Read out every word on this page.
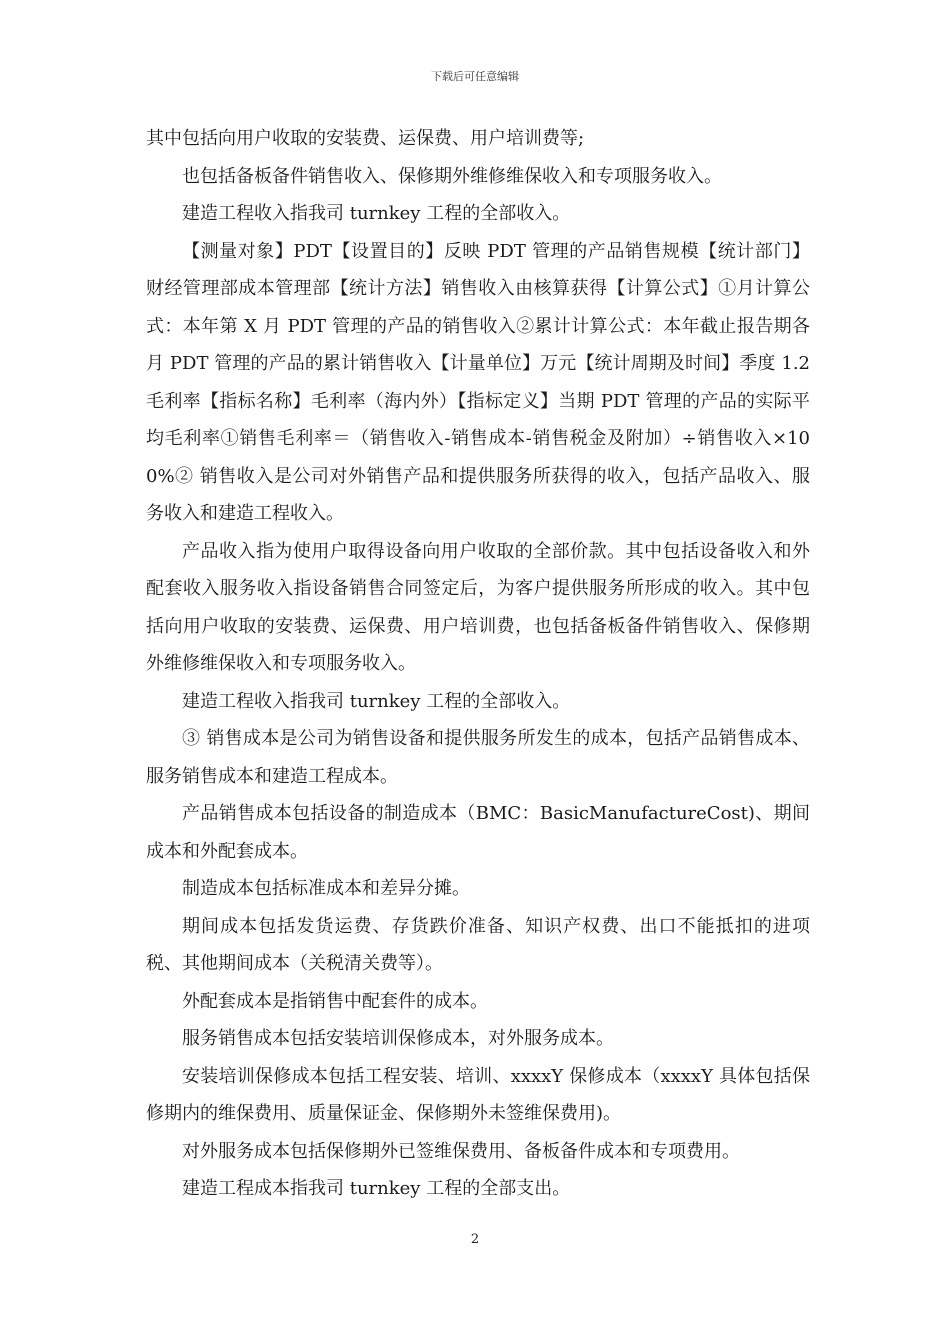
下载后可任意编辑

其中包括向用户收取的安装费、运保费、用户培训费等;

也包括备板备件销售收入、保修期外维修维保收入和专项服务收入。

建造工程收入指我司 turnkey 工程的全部收入。

【测量对象】PDT【设置目的】反映 PDT 管理的产品销售规模【统计部门】财经管理部成本管理部【统计方法】销售收入由核算获得【计算公式】①月计算公式：本年第 X 月 PDT 管理的产品的销售收入②累计计算公式：本年截止报告期各月 PDT 管理的产品的累计销售收入【计量单位】万元【统计周期及时间】季度 1.2 毛利率【指标名称】毛利率（海内外）【指标定义】当期 PDT 管理的产品的实际平均毛利率①销售毛利率＝（销售收入-销售成本-销售税金及附加）÷销售收入×100%② 销售收入是公司对外销售产品和提供服务所获得的收入，包括产品收入、服务收入和建造工程收入。

产品收入指为使用户取得设备向用户收取的全部价款。其中包括设备收入和外配套收入服务收入指设备销售合同签定后，为客户提供服务所形成的收入。其中包括向用户收取的安装费、运保费、用户培训费，也包括备板备件销售收入、保修期外维修维保收入和专项服务收入。

建造工程收入指我司 turnkey 工程的全部收入。

③ 销售成本是公司为销售设备和提供服务所发生的成本，包括产品销售成本、服务销售成本和建造工程成本。

产品销售成本包括设备的制造成本（BMC：BasicManufactureCost)、期间成本和外配套成本。

制造成本包括标准成本和差异分摊。

期间成本包括发货运费、存货跌价准备、知识产权费、出口不能抵扣的进项税、其他期间成本（关税清关费等）。

外配套成本是指销售中配套件的成本。

服务销售成本包括安装培训保修成本，对外服务成本。

安装培训保修成本包括工程安装、培训、xxxxY 保修成本（xxxxY 具体包括保修期内的维保费用、质量保证金、保修期外未签维保费用)。

对外服务成本包括保修期外已签维保费用、备板备件成本和专项费用。

建造工程成本指我司 turnkey 工程的全部支出。

2
